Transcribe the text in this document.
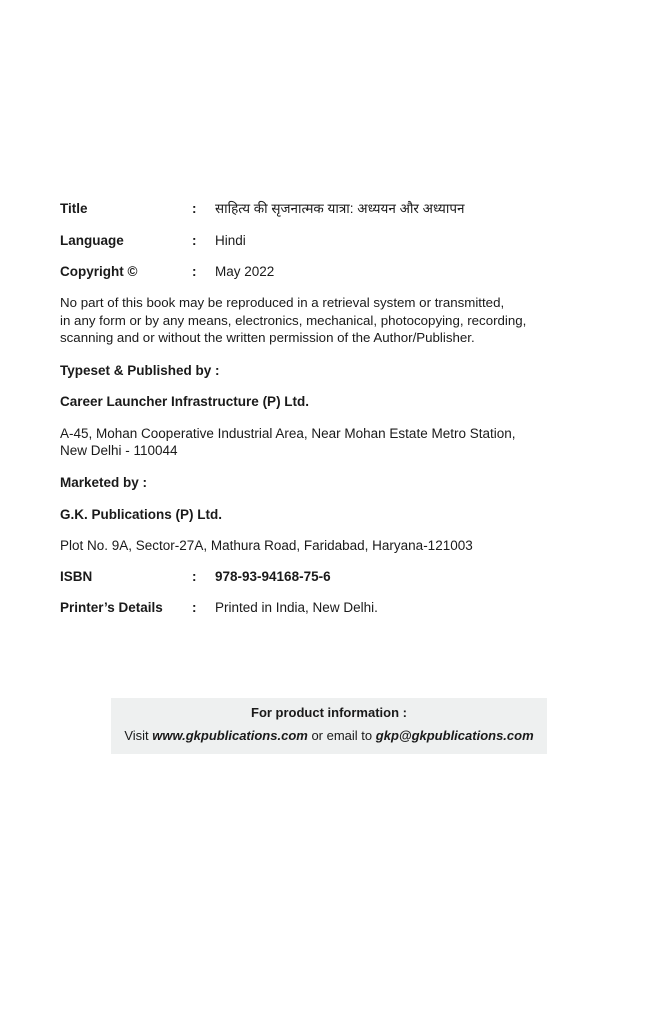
Title	: साहित्य की सृजनात्मक यात्रा: अध्ययन और अध्यापन
Language	: Hindi
Copyright ©	: May 2022
No part of this book may be reproduced in a retrieval system or transmitted,
in any form or by any means, electronics, mechanical, photocopying, recording,
scanning and or without the written permission of the Author/Publisher.
Typeset & Published by :
Career Launcher Infrastructure (P) Ltd.
A-45, Mohan Cooperative Industrial Area, Near Mohan Estate Metro Station,
New Delhi - 110044
Marketed by :
G.K. Publications (P) Ltd.
Plot No. 9A, Sector-27A, Mathura Road, Faridabad, Haryana-121003
ISBN	: 978-93-94168-75-6
Printer’s Details : Printed in India, New Delhi.
For product information :
Visit www.gkpublications.com or email to gkp@gkpublications.com
